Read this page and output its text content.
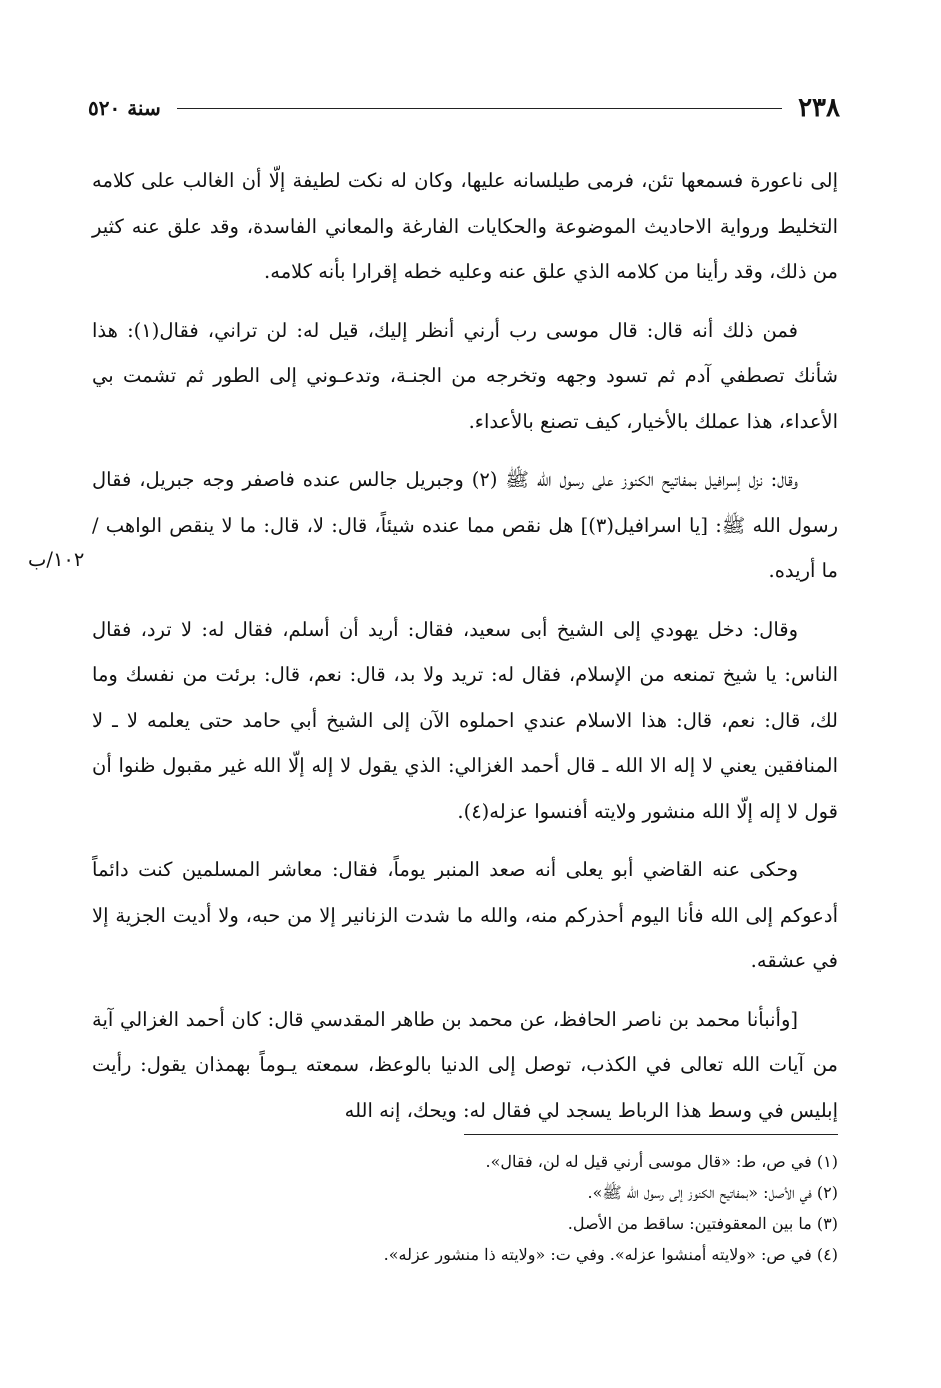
٢٣٨
سنة ٥٢٠

إلى ناعورة فسمعها تئن، فرمى طيلسانه عليها، وكان له نكت لطيفة إلّا أن الغالب على كلامه التخليط ورواية الاحاديث الموضوعة والحكايات الفارغة والمعاني الفاسدة، وقد علق عنه كثير من ذلك، وقد رأينا من كلامه الذي علق عنه وعليه خطه إقرارا بأنه كلامه.

فمن ذلك أنه قال: قال موسى رب أرني أنظر إليك، قيل له: لن تراني، فقال(١): هذا شأنك تصطفي آدم ثم تسود وجهه وتخرجه من الجنـة، وتدعـوني إلى الطور ثم تشمت بي الأعداء، هذا عملك بالأخيار، كيف تصنع بالأعداء.

وقال: نزل إسرافيل بمفاتيح الكنوز على رسول الله ﷺ (٢) وجبريل جالس عنده فاصفر وجه جبريل، فقال رسول الله ﷺ: [يا اسرافيل(٣)] هل نقص مما عنده شيئاً، قال: لا، قال: ما لا ينقص الواهب / ما أريده.

وقال: دخل يهودي إلى الشيخ أبى سعيد، فقال: أريد أن أسلم، فقال له: لا ترد، فقال الناس: يا شيخ تمنعه من الإسلام، فقال له: تريد ولا بد، قال: نعم، قال: برئت من نفسك وما لك، قال: نعم، قال: هذا الاسلام عندي احملوه الآن إلى الشيخ أبي حامد حتى يعلمه لا ـ لا المنافقين يعني لا إله الا الله ـ قال أحمد الغزالي: الذي يقول لا إله إلّا الله غير مقبول ظنوا أن قول لا إله إلّا الله منشور ولايته أفنسوا عزله(٤).

وحكى عنه القاضي أبو يعلى أنه صعد المنبر يوماً، فقال: معاشر المسلمين كنت دائماً أدعوكم إلى الله فأنا اليوم أحذركم منه، والله ما شدت الزنانير إلا من حبه، ولا أديت الجزية إلا في عشقه.

[وأنبأنا محمد بن ناصر الحافظ، عن محمد بن طاهر المقدسي قال: كان أحمد الغزالي آية من آيات الله تعالى في الكذب، توصل إلى الدنيا بالوعظ، سمعته يـوماً بهمذان يقول: رأيت إبليس في وسط هذا الرباط يسجد لي فقال له: ويحك، إنه الله

١٠٢/ب

(١) في ص، ط: «قال موسى أرني قيل له لن، فقال».

(٢) في الأصل: «بمفاتيح الكنوز إلى رسول الله ﷺ».

(٣) ما بين المعقوفتين: ساقط من الأصل.

(٤) في ص: «ولايته أمنشوا عزله». وفي ت: «ولايته ذا منشور عزله».
